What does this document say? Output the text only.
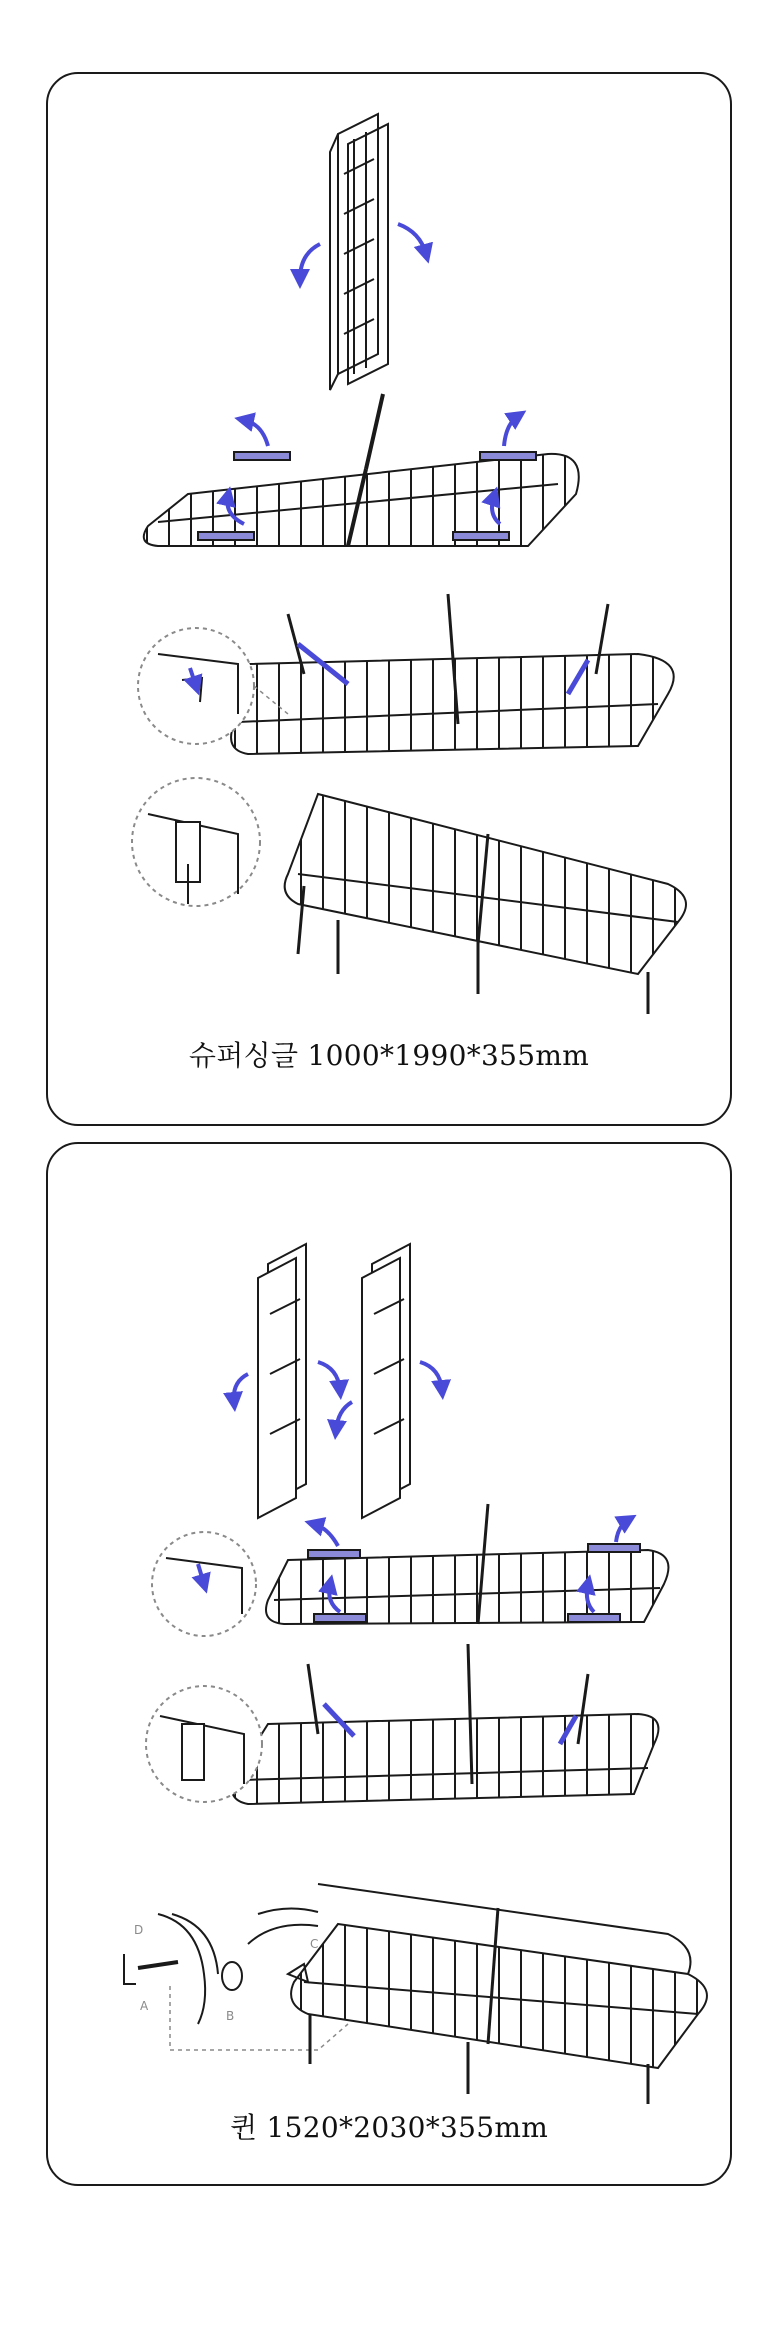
슈퍼싱글 1000*1990*355mm
D
A
B
C
퀸 1520*2030*355mm
